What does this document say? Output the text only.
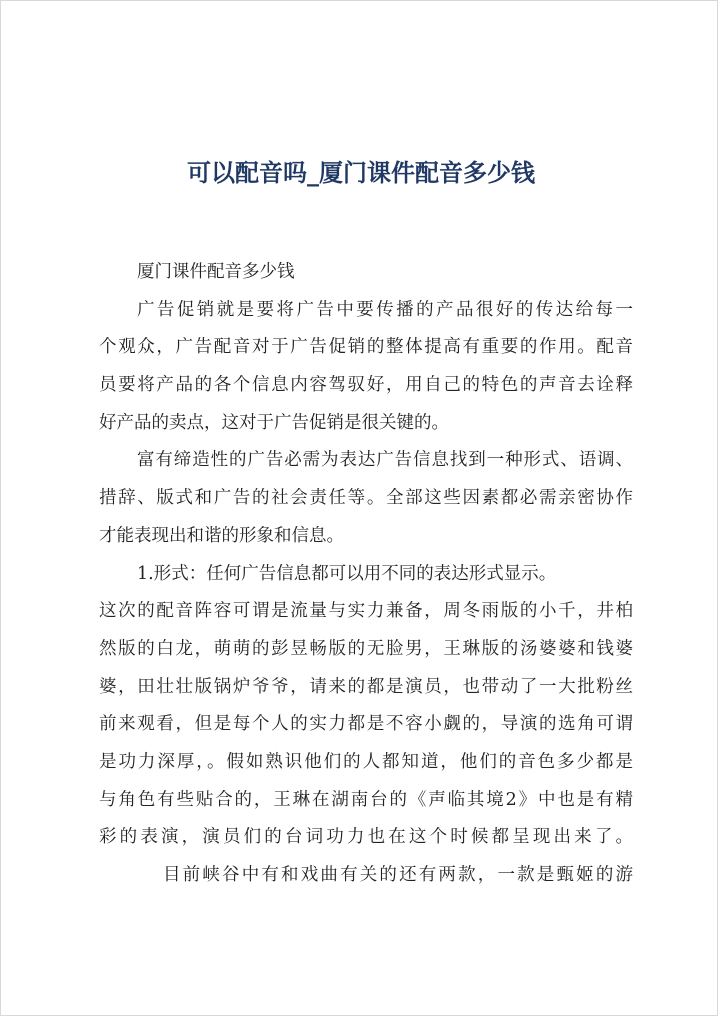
可以配音吗_厦门课件配音多少钱
厦门课件配音多少钱
广告促销就是要将广告中要传播的产品很好的传达给每一
个观众，广告配音对于广告促销的整体提高有重要的作用。配音
员要将产品的各个信息内容驾驭好，用自己的特色的声音去诠释
好产品的卖点，这对于广告促销是很关键的。
富有缔造性的广告必需为表达广告信息找到一种形式、语调、
措辞、版式和广告的社会责任等。全部这些因素都必需亲密协作
才能表现出和谐的形象和信息。
1.形式：任何广告信息都可以用不同的表达形式显示。
这次的配音阵容可谓是流量与实力兼备，周冬雨版的小千，井柏
然版的白龙，萌萌的彭昱畅版的无脸男，王琳版的汤婆婆和钱婆
婆，田壮壮版锅炉爷爷，请来的都是演员，也带动了一大批粉丝
前来观看，但是每个人的实力都是不容小觑的，导演的选角可谓
是功力深厚，。假如熟识他们的人都知道，他们的音色多少都是
与角色有些贴合的，王琳在湖南台的《声临其境2》中也是有精
彩的表演，演员们的台词功力也在这个时候都呈现出来了。
目前峡谷中有和戏曲有关的还有两款，一款是甄姬的游
